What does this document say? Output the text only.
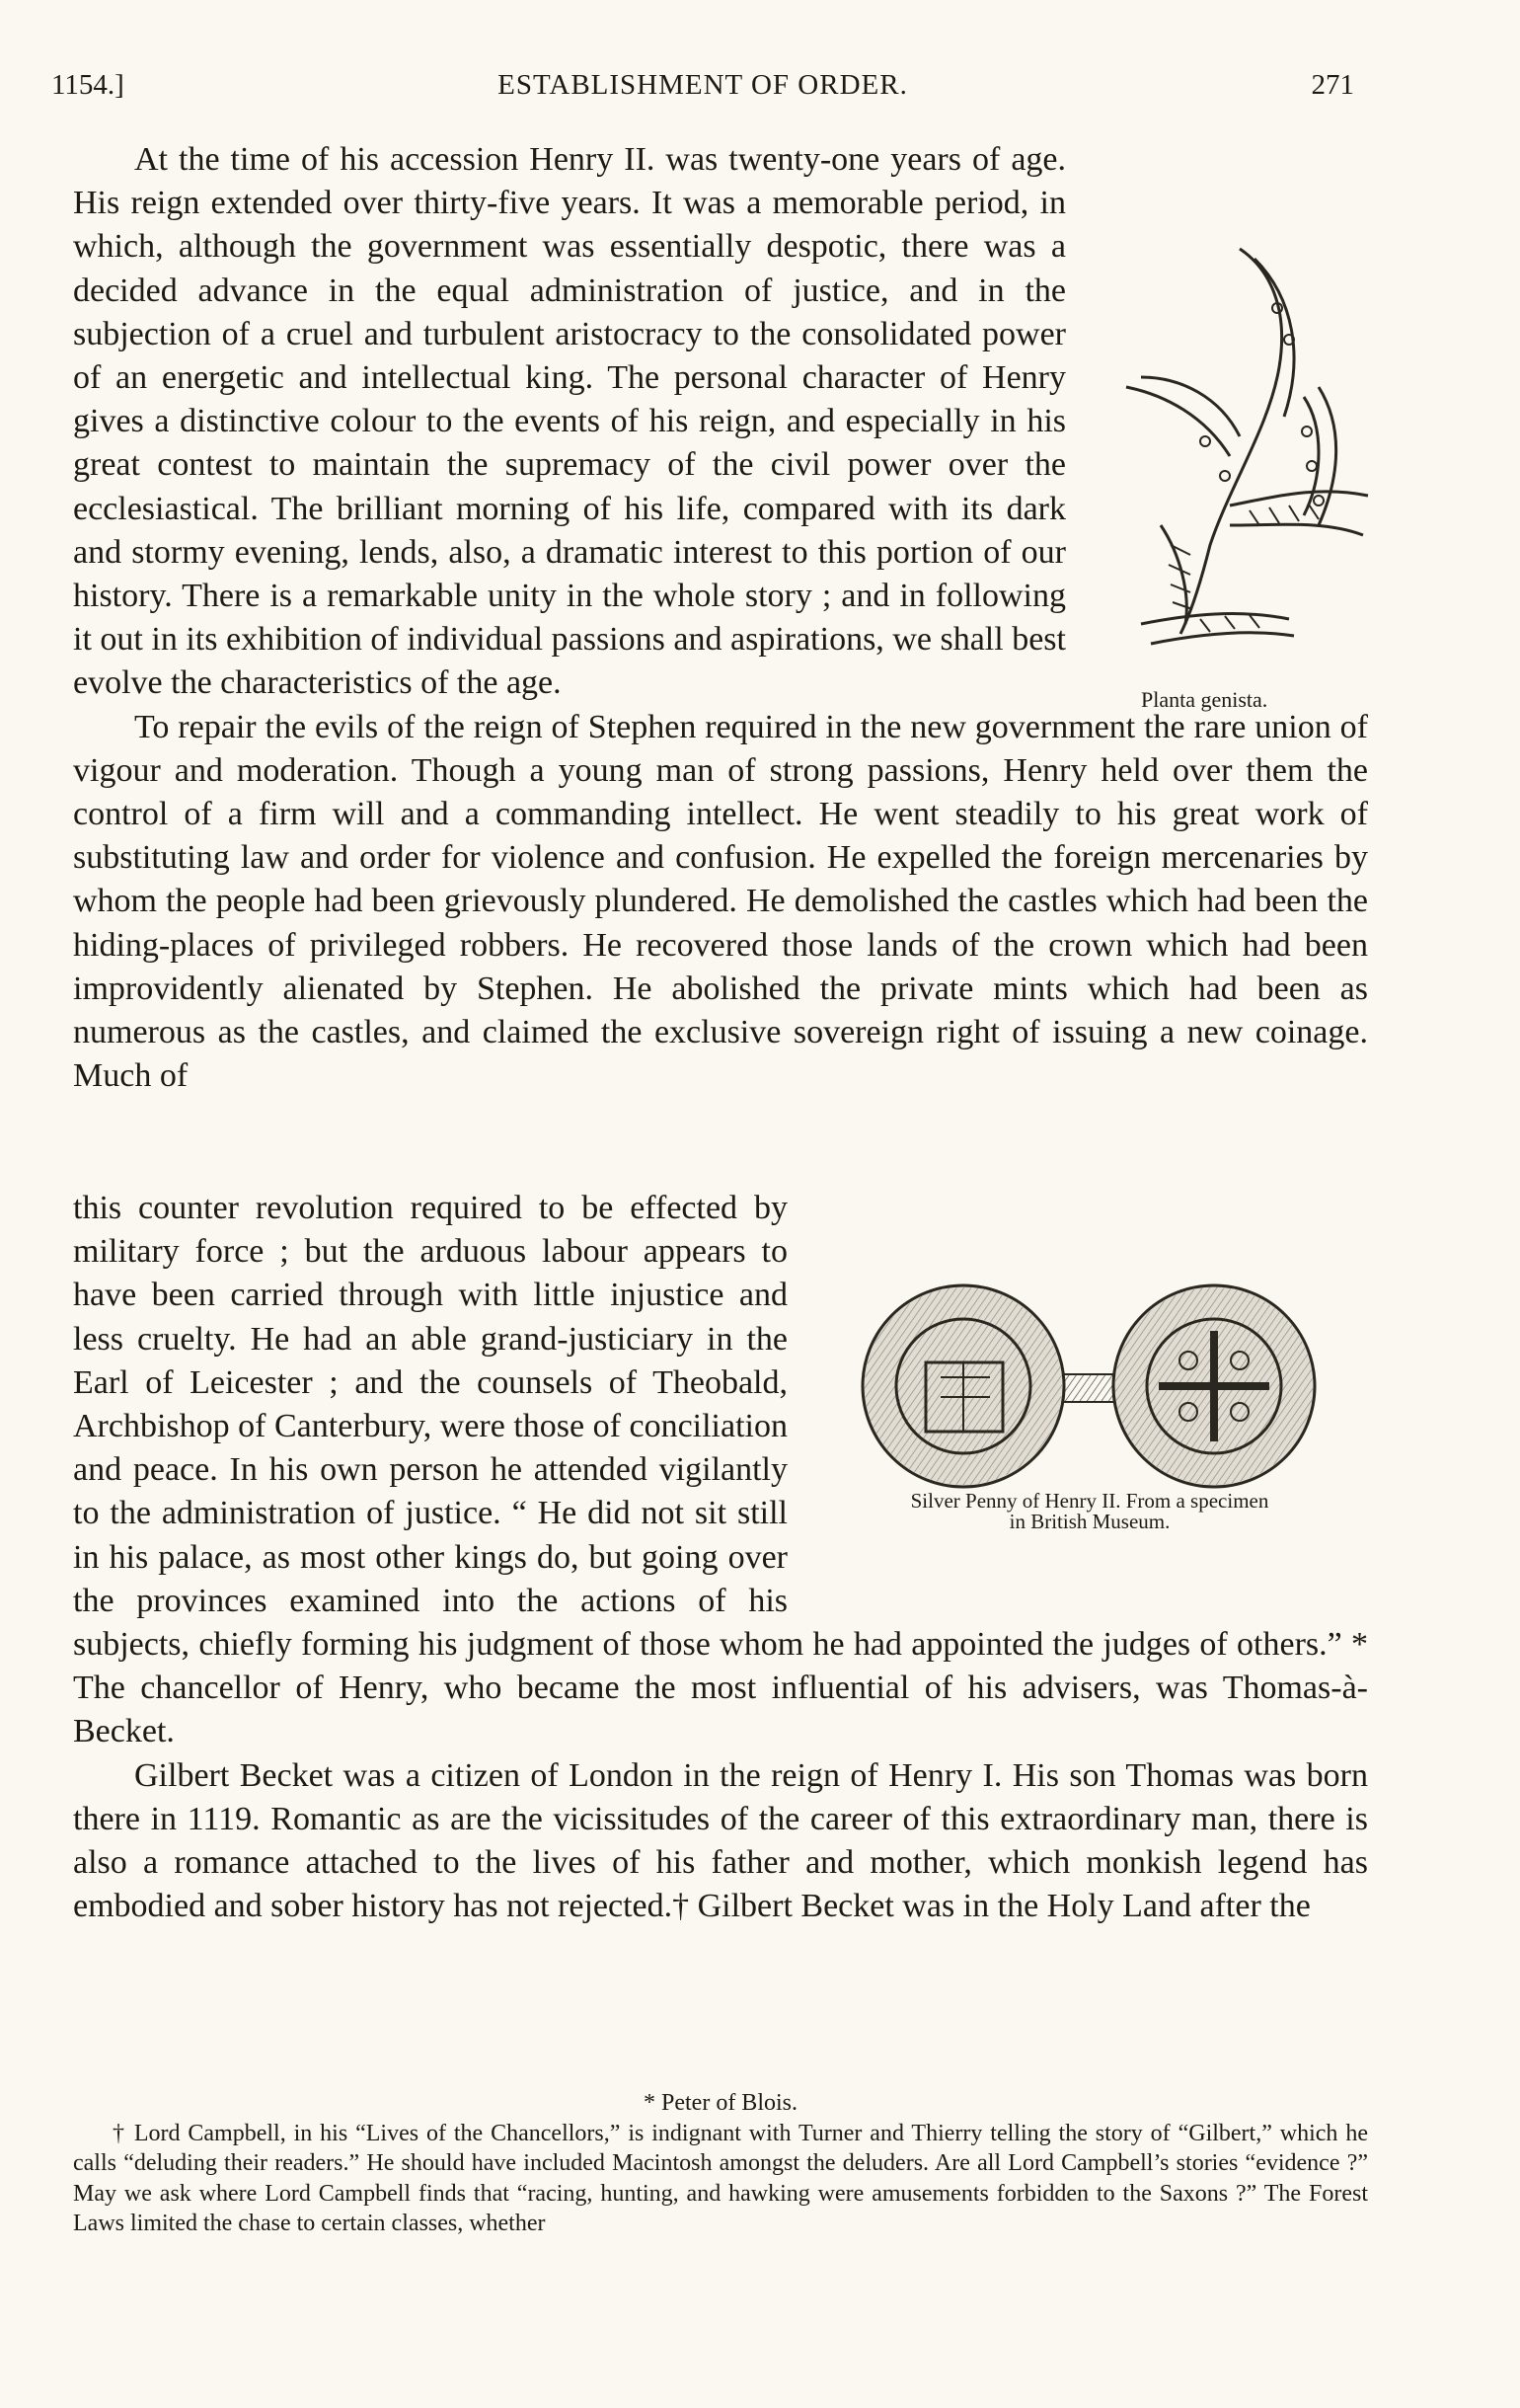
1154.]	ESTABLISHMENT OF ORDER.	271
Planta genista.

At the time of his accession Henry II. was twenty-one years of age. His reign extended over thirty-five years. It was a memorable period, in which, although the government was essentially despotic, there was a decided advance in the equal administration of justice, and in the subjection of a cruel and turbulent aristocracy to the consolidated power of an energetic and intellectual king. The personal character of Henry gives a distinctive colour to the events of his reign, and especially in his great contest to maintain the supremacy of the civil power over the ecclesiastical. The brilliant morning of his life, compared with its dark and stormy evening, lends, also, a dramatic interest to this portion of our history. There is a remarkable unity in the whole story ; and in following it out in its exhibition of individual passions and aspirations, we shall best evolve the characteristics of the age.

To repair the evils of the reign of Stephen required in the new government the rare union of vigour and moderation. Though a young man of strong passions, Henry held over them the control of a firm will and a commanding intellect. He went steadily to his great work of substituting law and order for violence and confusion. He expelled the foreign mercenaries by whom the people had been grievously plundered. He demolished the castles which had been the hiding-places of privileged robbers. He recovered those lands of the crown which had been improvidently alienated by Stephen. He abolished the private mints which had been as numerous as the castles, and claimed the exclusive sovereign right of issuing a new coinage. Much of

Silver Penny of Henry II. From a specimen
in British Museum.

this counter revolution required to be effected by military force ; but the arduous labour appears to have been carried through with little injustice and less cruelty. He had an able grand-justiciary in the Earl of Leicester ; and the counsels of Theobald, Archbishop of Canterbury, were those of conciliation and peace. In his own person he attended vigilantly to the administration of justice. “ He did not sit still in his palace, as most other kings do, but going over the provinces examined into the actions of his subjects, chiefly forming his judgment of those whom he had appointed the judges of others.” * The chancellor of Henry, who became the most influential of his advisers, was Thomas-à-Becket.

Gilbert Becket was a citizen of London in the reign of Henry I. His son Thomas was born there in 1119. Romantic as are the vicissitudes of the career of this extraordinary man, there is also a romance attached to the lives of his father and mother, which monkish legend has embodied and sober history has not rejected.† Gilbert Becket was in the Holy Land after the

* Peter of Blois.

† Lord Campbell, in his “Lives of the Chancellors,” is indignant with Turner and Thierry telling the story of “Gilbert,” which he calls “deluding their readers.” He should have included Macintosh amongst the deluders. Are all Lord Campbell’s stories “evidence ?” May we ask where Lord Campbell finds that “racing, hunting, and hawking were amusements forbidden to the Saxons ?” The Forest Laws limited the chase to certain classes, whether
